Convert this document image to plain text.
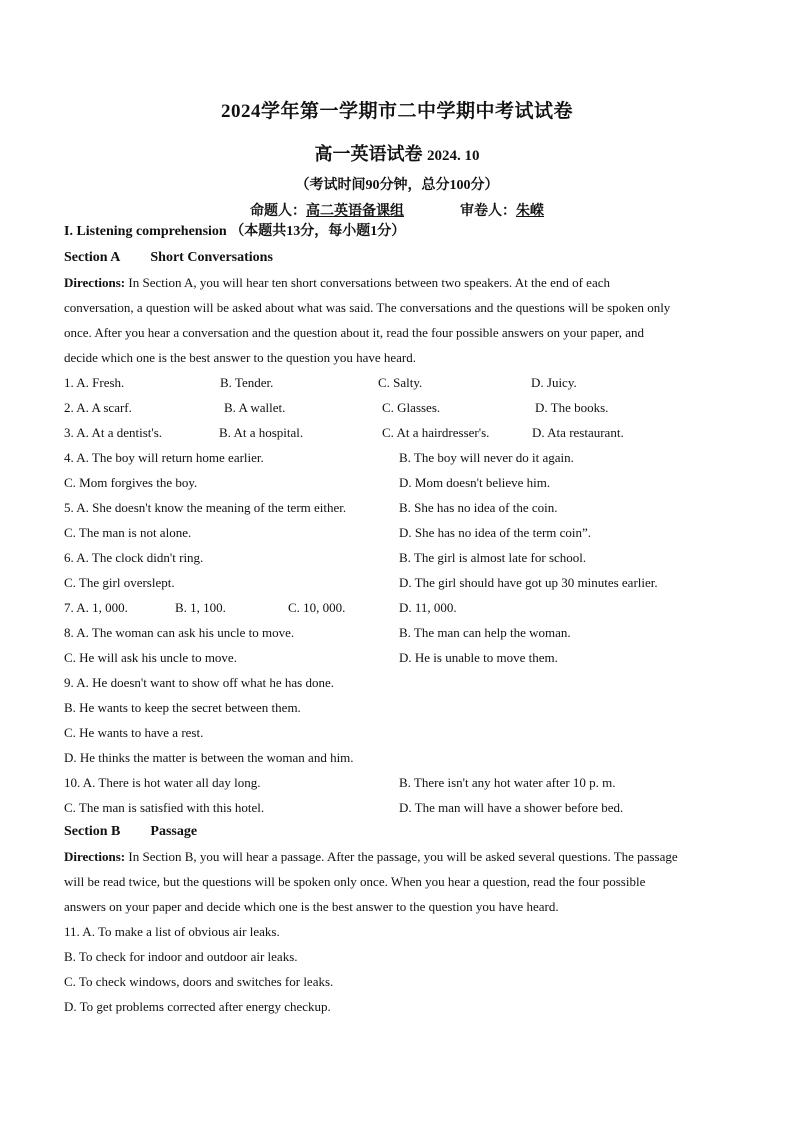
2024学年第一学期市二中学期中考试试卷
高一英语试卷 2024. 10
（考试时间90分钟，总分100分）
命题人：高二英语备课组	审卷人：朱嵘
I. Listening comprehension （本题共13分，每小题1分）
Section A Short Conversations
Directions: In Section A, you will hear ten short conversations between two speakers. At the end of each
conversation, a question will be asked about what was said. The conversations and the questions will be spoken only
once. After you hear a conversation and the question about it, read the four possible answers on your paper, and
decide which one is the best answer to the question you have heard.
1. A. Fresh.	B. Tender.	C. Salty.	D. Juicy.
2. A. A scarf.	B. A wallet.	C. Glasses.	D. The books.
3. A. At a dentist's.	B. At a hospital.	C. At a hairdresser's.	D. Ata restaurant.
4. A. The boy will return home earlier.	B. The boy will never do it again.
C. Mom forgives the boy.	D. Mom doesn't believe him.
5. A. She doesn't know the meaning of the term either.	B. She has no idea of the coin.
C. The man is not alone.	D. She has no idea of the term coin”.
6. A. The clock didn't ring.	B. The girl is almost late for school.
C. The girl overslept.	D. The girl should have got up 30 minutes earlier.
7. A. 1, 000.	B. 1, 100.	C. 10, 000.	D. 11, 000.
8. A. The woman can ask his uncle to move.	B. The man can help the woman.
C. He will ask his uncle to move.	D. He is unable to move them.
9. A. He doesn't want to show off what he has done.
B. He wants to keep the secret between them.
C. He wants to have a rest.
D. He thinks the matter is between the woman and him.
10. A. There is hot water all day long.	B. There isn't any hot water after 10 p. m.
C. The man is satisfied with this hotel.	D. The man will have a shower before bed.
Section B Passage
Directions: In Section B, you will hear a passage. After the passage, you will be asked several questions. The passage
will be read twice, but the questions will be spoken only once. When you hear a question, read the four possible
answers on your paper and decide which one is the best answer to the question you have heard.
11. A. To make a list of obvious air leaks.
B. To check for indoor and outdoor air leaks.
C. To check windows, doors and switches for leaks.
D. To get problems corrected after energy checkup.
